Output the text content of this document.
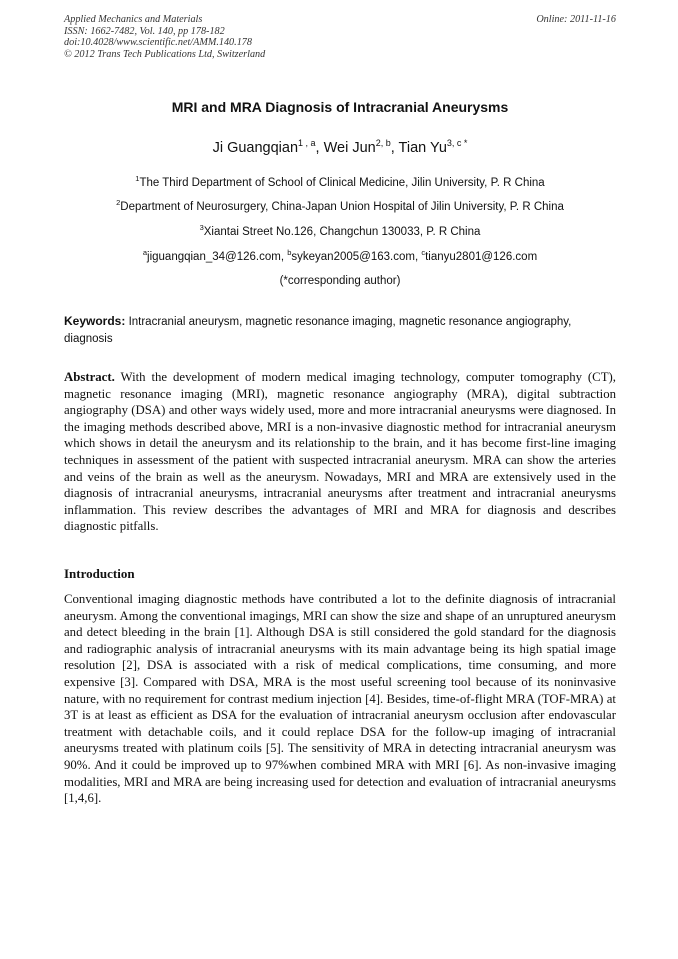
Applied Mechanics and Materials
ISSN: 1662-7482, Vol. 140, pp 178-182
doi:10.4028/www.scientific.net/AMM.140.178
© 2012 Trans Tech Publications Ltd, Switzerland
Online: 2011-11-16
MRI and MRA Diagnosis of Intracranial Aneurysms
Ji Guangqian$^{1 , a}$, Wei Jun$^{2, b}$, Tian $Yu^{3, c *}$
$^1$The Third Department of School of Clinical Medicine, Jilin University, P. R China
$^2$Department of Neurosurgery, China-Japan Union Hospital of Jilin University, P. R China
$^3$Xiantai Street No.126, Changchun 130033, P. R China
$^a$jiguangqian_34@126.com, $^b$sykeyan2005@163.com, $^c$tianyu2801@126.com
(*corresponding author)
Keywords: Intracranial aneurysm, magnetic resonance imaging, magnetic resonance angiography, diagnosis
Abstract. With the development of modern medical imaging technology, computer tomography (CT), magnetic resonance imaging (MRI), magnetic resonance angiography (MRA), digital subtraction angiography (DSA) and other ways widely used, more and more intracranial aneurysms were diagnosed. In the imaging methods described above, MRI is a non-invasive diagnostic method for intracranial aneurysm which shows in detail the aneurysm and its relationship to the brain, and it has become first-line imaging techniques in assessment of the patient with suspected intracranial aneurysm. MRA can show the arteries and veins of the brain as well as the aneurysm. Nowadays, MRI and MRA are extensively used in the diagnosis of intracranial aneurysms, intracranial aneurysms after treatment and intracranial aneurysms inflammation. This review describes the advantages of MRI and MRA for diagnosis and describes diagnostic pitfalls.
Introduction
Conventional imaging diagnostic methods have contributed a lot to the definite diagnosis of intracranial aneurysm. Among the conventional imagings, MRI can show the size and shape of an unruptured aneurysm and detect bleeding in the brain [1]. Although DSA is still considered the gold standard for the diagnosis and radiographic analysis of intracranial aneurysms with its main advantage being its high spatial image resolution [2], DSA is associated with a risk of medical complications, time consuming, and more expensive [3]. Compared with DSA, MRA is the most useful screening tool because of its noninvasive nature, with no requirement for contrast medium injection [4]. Besides, time-of-flight MRA (TOF-MRA) at 3T is at least as efficient as DSA for the evaluation of intracranial aneurysm occlusion after endovascular treatment with detachable coils, and it could replace DSA for the follow-up imaging of intracranial aneurysms treated with platinum coils [5]. The sensitivity of MRA in detecting intracranial aneurysm was 90%. And it could be improved up to 97%when combined MRA with MRI [6]. As non-invasive imaging modalities, MRI and MRA are being increasing used for detection and evaluation of intracranial aneurysms [1,4,6].
